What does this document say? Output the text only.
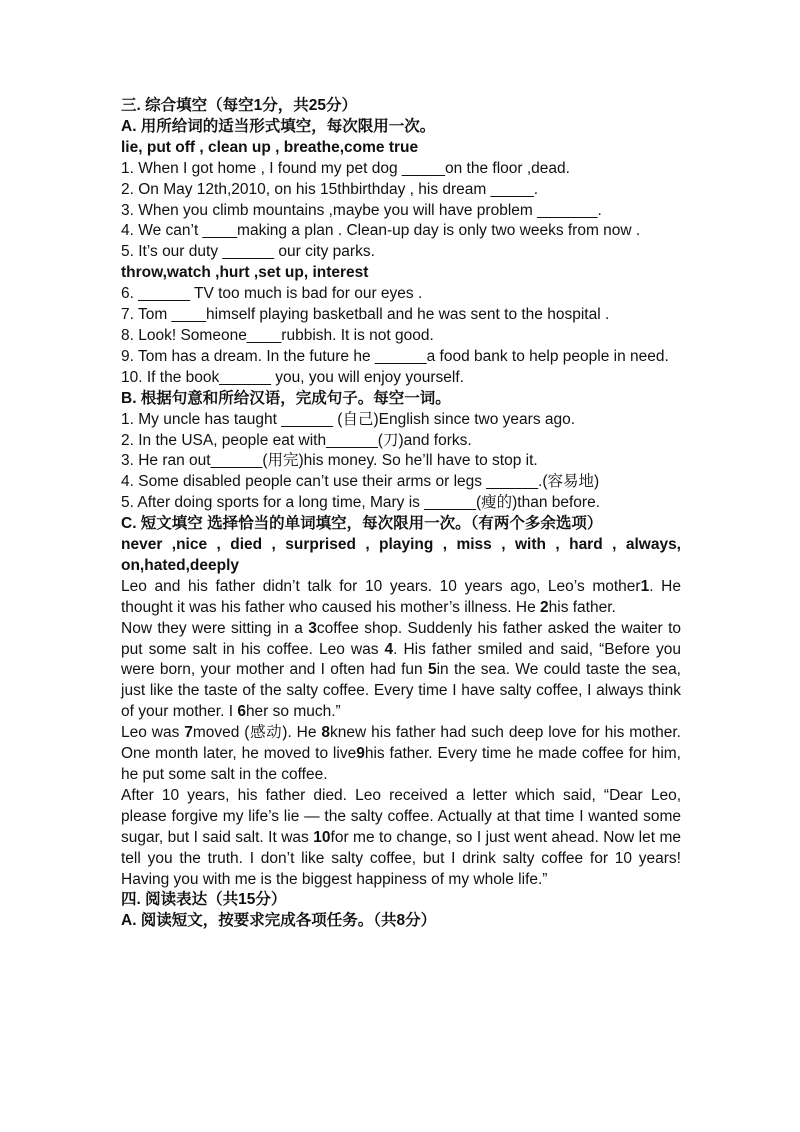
三. 综合填空（每空1分，共25分）

A. 用所给词的适当形式填空，每次限用一次。

lie, put off , clean up , breathe,come true

1. When I got home , I found my pet dog _____on the floor ,dead.

2. On May 12th,2010, on his 15thbirthday , his dream _____.

3. When you climb mountains ,maybe you will have problem _______.

4. We can’t ____making a plan . Clean-up day is only two weeks from now .

5. It’s our duty ______ our city parks.

throw,watch ,hurt ,set up, interest

6. ______ TV too much is bad for our eyes .

7. Tom ____himself playing basketball and he was sent to the hospital .

8. Look! Someone____rubbish. It is not good.

9. Tom has a dream. In the future he ______a food bank to help people in need.

10. If the book______ you, you will enjoy yourself.

B. 根据句意和所给汉语，完成句子。每空一词。

1. My uncle has taught ______ (自己)English since two years ago.

2. In the USA, people eat with______(刀)and forks.

3. He ran out______(用完)his money. So he’ll have to stop it.

4. Some disabled people can’t use their arms or legs ______.(容易地)

5. After doing sports for a long time, Mary is ______(瘦的)than before.

C. 短文填空 选择恰当的单词填空，每次限用一次。（有两个多余选项）

never ,nice , died , surprised , playing , miss , with , hard , always, on,hated,deeply

Leo and his father didn’t talk for 10 years. 10 years ago, Leo’s mother1. He thought it was his father who caused his mother’s illness. He 2his father.

Now they were sitting in a 3coffee shop. Suddenly his father asked the waiter to put some salt in his coffee. Leo was 4. His father smiled and said, “Before you were born, your mother and I often had fun 5in the sea. We could taste the sea, just like the taste of the salty coffee. Every time I have salty coffee, I always think of your mother. I 6her so much.”

Leo was 7moved (感动). He 8knew his father had such deep love for his mother. One month later, he moved to live9his father. Every time he made coffee for him, he put some salt in the coffee.

After 10 years, his father died. Leo received a letter which said, “Dear Leo, please forgive my life’s lie — the salty coffee. Actually at that time I wanted some sugar, but I said salt. It was 10for me to change, so I just went ahead. Now let me tell you the truth. I don’t like salty coffee, but I drink salty coffee for 10 years! Having you with me is the biggest happiness of my whole life.”

四. 阅读表达（共15分）

A. 阅读短文，按要求完成各项任务。（共8分）
